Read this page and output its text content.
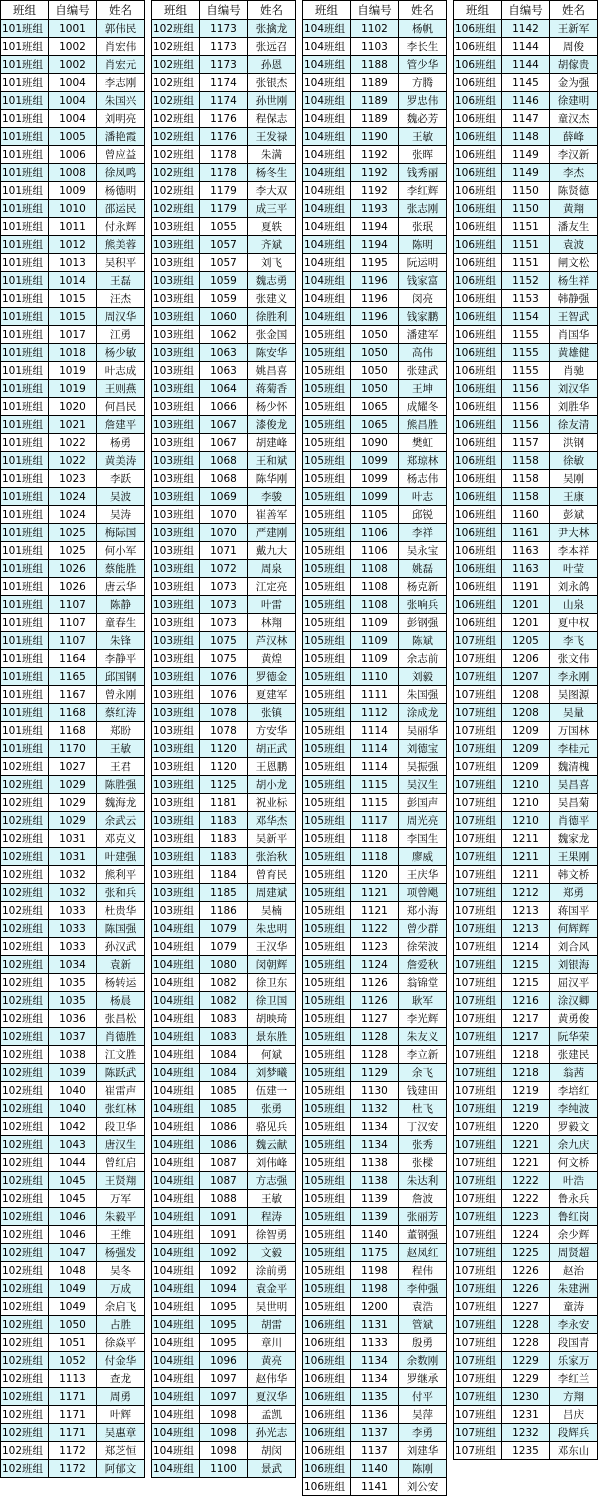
班组	自编号	姓名
101班组	1001	郭伟民
101班组	1002	肖宏伟
101班组	1002	肖宏元
101班组	1004	李志刚
101班组	1004	朱国兴
101班组	1004	刘明亮
101班组	1005	潘艳霞
101班组	1006	曾应益
101班组	1008	徐凤鸣
101班组	1009	杨德明
101班组	1010	邵运民
101班组	1011	付永辉
101班组	1012	熊美蓉
101班组	1013	吴积平
101班组	1014	王磊
101班组	1015	汪杰
101班组	1015	周汉华
101班组	1017	江勇
101班组	1018	杨少敏
101班组	1019	叶志成
101班组	1019	王则燕
101班组	1020	何昌民
101班组	1021	詹建平
101班组	1022	杨勇
101班组	1022	黄美涛
101班组	1023	李跃
101班组	1024	吴波
101班组	1024	吴涛
101班组	1025	梅际国
101班组	1025	何小军
101班组	1026	蔡能胜
101班组	1026	唐云华
101班组	1107	陈静
101班组	1107	童春生
101班组	1107	朱锋
101班组	1164	李静平
101班组	1165	邱国钢
101班组	1167	曾永刚
101班组	1168	蔡红涛
101班组	1168	郑盼
101班组	1170	王敏
102班组	1027	王君
102班组	1029	陈胜强
102班组	1029	魏海龙
102班组	1029	余武云
102班组	1031	邓克义
102班组	1031	叶建强
102班组	1032	熊利平
102班组	1032	张和兵
102班组	1033	杜贵华
102班组	1033	陈国强
102班组	1033	孙汉武
102班组	1034	袁新
102班组	1035	杨转运
102班组	1035	杨晨
102班组	1036	张昌松
102班组	1037	肖德胜
102班组	1038	江文胜
102班组	1039	陈跃武
102班组	1040	崔雷声
102班组	1040	张红林
102班组	1042	段卫华
102班组	1043	唐汉生
102班组	1044	曾红启
102班组	1045	王贤翔
102班组	1045	万军
102班组	1046	朱毅平
102班组	1046	王维
102班组	1047	杨强发
102班组	1048	吴冬
102班组	1049	万成
102班组	1049	余启飞
102班组	1050	占胜
102班组	1051	徐焱平
102班组	1052	付金华
102班组	1113	查龙
102班组	1171	周勇
102班组	1171	叶辉
102班组	1171	吴惠章
102班组	1172	郑芝恒
102班组	1172	阿郁文
班组	自编号	姓名
102班组	1173	张擒龙
102班组	1173	张远召
102班组	1173	孙恩
102班组	1174	张银杰
102班组	1174	孙世刚
102班组	1176	程保志
102班组	1176	王发禄
102班组	1178	朱满
102班组	1178	杨冬生
102班组	1179	李大双
102班组	1179	成三平
103班组	1055	夏轶
103班组	1057	齐斌
103班组	1057	刘飞
103班组	1059	魏志勇
103班组	1059	张建义
103班组	1060	徐胜利
103班组	1062	张金国
103班组	1063	陈安华
103班组	1063	姚昌喜
103班组	1064	蒋菊香
103班组	1066	杨少怀
103班组	1067	漆俊龙
103班组	1067	胡建峰
103班组	1068	王和斌
103班组	1068	陈华刚
103班组	1069	李骏
103班组	1070	崔善军
103班组	1070	严建刚
103班组	1071	戴九大
103班组	1072	周泉
103班组	1073	江定亮
103班组	1073	叶雷
103班组	1073	林翔
103班组	1075	芦汉林
103班组	1075	黄煌
103班组	1076	罗德金
103班组	1076	夏建军
103班组	1078	张镇
103班组	1078	方安华
103班组	1120	胡正武
103班组	1120	王恩鹏
103班组	1125	胡小龙
103班组	1181	祝业标
103班组	1183	邓华杰
103班组	1183	吴新平
103班组	1183	张治秋
103班组	1184	曾育民
103班组	1185	周建斌
103班组	1186	吴楠
104班组	1079	朱忠明
104班组	1079	王汉华
104班组	1080	闵朝辉
104班组	1082	徐卫东
104班组	1082	徐卫国
104班组	1083	胡映琦
104班组	1083	景东胜
104班组	1084	何斌
104班组	1084	刘梦曦
104班组	1085	伍建一
104班组	1085	张勇
104班组	1086	骆见兵
104班组	1086	魏云献
104班组	1087	刘伟峰
104班组	1087	方志强
104班组	1088	王敏
104班组	1091	程涛
104班组	1091	徐智勇
104班组	1092	文毅
104班组	1092	涂前勇
104班组	1094	袁金平
104班组	1095	吴世明
104班组	1095	胡雷
104班组	1095	章川
104班组	1096	黄亮
104班组	1097	赵伟华
104班组	1097	夏汉华
104班组	1098	孟凯
104班组	1098	孙光志
104班组	1098	胡闵
104班组	1100	景武
班组	自编号	姓名
104班组	1102	杨帆
104班组	1103	李长生
104班组	1188	管少华
104班组	1189	方腾
104班组	1189	罗忠伟
104班组	1189	魏必芳
104班组	1190	王敏
104班组	1192	张晖
104班组	1192	钱秀丽
104班组	1192	李红辉
104班组	1193	张志刚
104班组	1194	张珉
104班组	1194	陈明
104班组	1195	阮运明
104班组	1196	钱家富
104班组	1196	闵亮
104班组	1196	钱家鹏
105班组	1050	潘建军
105班组	1050	高伟
105班组	1050	张建武
105班组	1050	王坤
105班组	1065	成耀冬
105班组	1065	熊昌胜
105班组	1090	樊虹
105班组	1099	郑琼林
105班组	1099	杨志伟
105班组	1099	叶志
105班组	1105	邱锐
105班组	1106	李祥
105班组	1106	吴永宝
105班组	1108	姚磊
105班组	1108	杨克新
105班组	1108	张响兵
105班组	1109	彭钢强
105班组	1109	陈斌
105班组	1109	余志前
105班组	1110	刘毅
105班组	1111	朱国强
105班组	1112	涂成龙
105班组	1114	吴丽华
105班组	1114	刘德宝
105班组	1114	吴振强
105班组	1115	吴汉生
105班组	1115	彭国声
105班组	1117	周光亮
105班组	1118	李国生
105班组	1118	廖威
105班组	1120	王庆华
105班组	1121	项曾飓
105班组	1121	郑小海
105班组	1122	曾少群
105班组	1123	徐荣波
105班组	1124	詹爱秋
105班组	1126	翁锦堂
105班组	1126	耿军
105班组	1127	李光辉
105班组	1128	朱友义
105班组	1128	李立新
105班组	1129	余飞
105班组	1130	钱建田
105班组	1132	杜飞
105班组	1134	丁汉安
105班组	1134	张秀
105班组	1138	张樑
105班组	1138	朱达利
105班组	1139	詹波
105班组	1139	张丽芳
105班组	1140	董钢强
105班组	1175	赵凤红
105班组	1198	程伟
105班组	1198	李仲强
105班组	1200	袁浩
106班组	1131	管斌
106班组	1133	殷勇
106班组	1134	余数刚
106班组	1134	罗继承
106班组	1135	付平
106班组	1136	吴萍
106班组	1137	李勇
106班组	1137	刘建华
106班组	1140	陈刚
106班组	1141	刘公安
班组	自编号	姓名
106班组	1142	王新军
106班组	1144	周俊
106班组	1144	胡傢贵
106班组	1145	金为强
106班组	1146	徐建明
106班组	1147	童汉杰
106班组	1148	薛峰
106班组	1149	李汉新
106班组	1149	李杰
106班组	1150	陈贤德
106班组	1150	黄翔
106班组	1151	潘友生
106班组	1151	袁波
106班组	1151	闸文松
106班组	1152	杨生祥
106班组	1153	韩静强
106班组	1154	王智武
106班组	1155	肖国华
106班组	1155	黄雄健
106班组	1155	肖驰
106班组	1156	刘汉华
106班组	1156	刘胜华
106班组	1156	徐友清
106班组	1157	洪钢
106班组	1158	徐敏
106班组	1158	吴刚
106班组	1158	王康
106班组	1160	彭斌
106班组	1161	尹大林
106班组	1163	李本祥
106班组	1163	叶莹
106班组	1191	刘永鸽
106班组	1201	山泉
106班组	1201	夏中权
107班组	1205	李飞
107班组	1206	张文伟
107班组	1207	李永刚
107班组	1208	吴图源
107班组	1208	吴量
107班组	1209	万国林
107班组	1209	李桂元
107班组	1209	魏清槐
107班组	1210	吴昌喜
107班组	1210	吴昌菊
107班组	1210	肖德平
107班组	1211	魏家龙
107班组	1211	王果刚
107班组	1211	韩文桥
107班组	1212	郑勇
107班组	1213	蒋国平
107班组	1213	何辉辉
107班组	1214	刘合风
107班组	1215	刘银海
107班组	1215	屈汉平
107班组	1216	涂汉卿
107班组	1217	黄勇俊
107班组	1217	阮华荣
107班组	1218	张建民
107班组	1218	翁茜
107班组	1219	李培红
107班组	1219	李纯波
107班组	1220	罗毅文
107班组	1221	余九庆
107班组	1221	何文桥
107班组	1222	叶浩
107班组	1222	鲁永兵
107班组	1223	鲁红岗
107班组	1224	余少辉
107班组	1225	周贤超
107班组	1226	赵治
107班组	1226	朱建洲
107班组	1227	童涛
107班组	1228	李永安
107班组	1228	段国青
107班组	1229	乐家万
107班组	1229	李红兰
107班组	1230	方翔
107班组	1231	吕庆
107班组	1232	段辉兵
107班组	1235	邓东山
